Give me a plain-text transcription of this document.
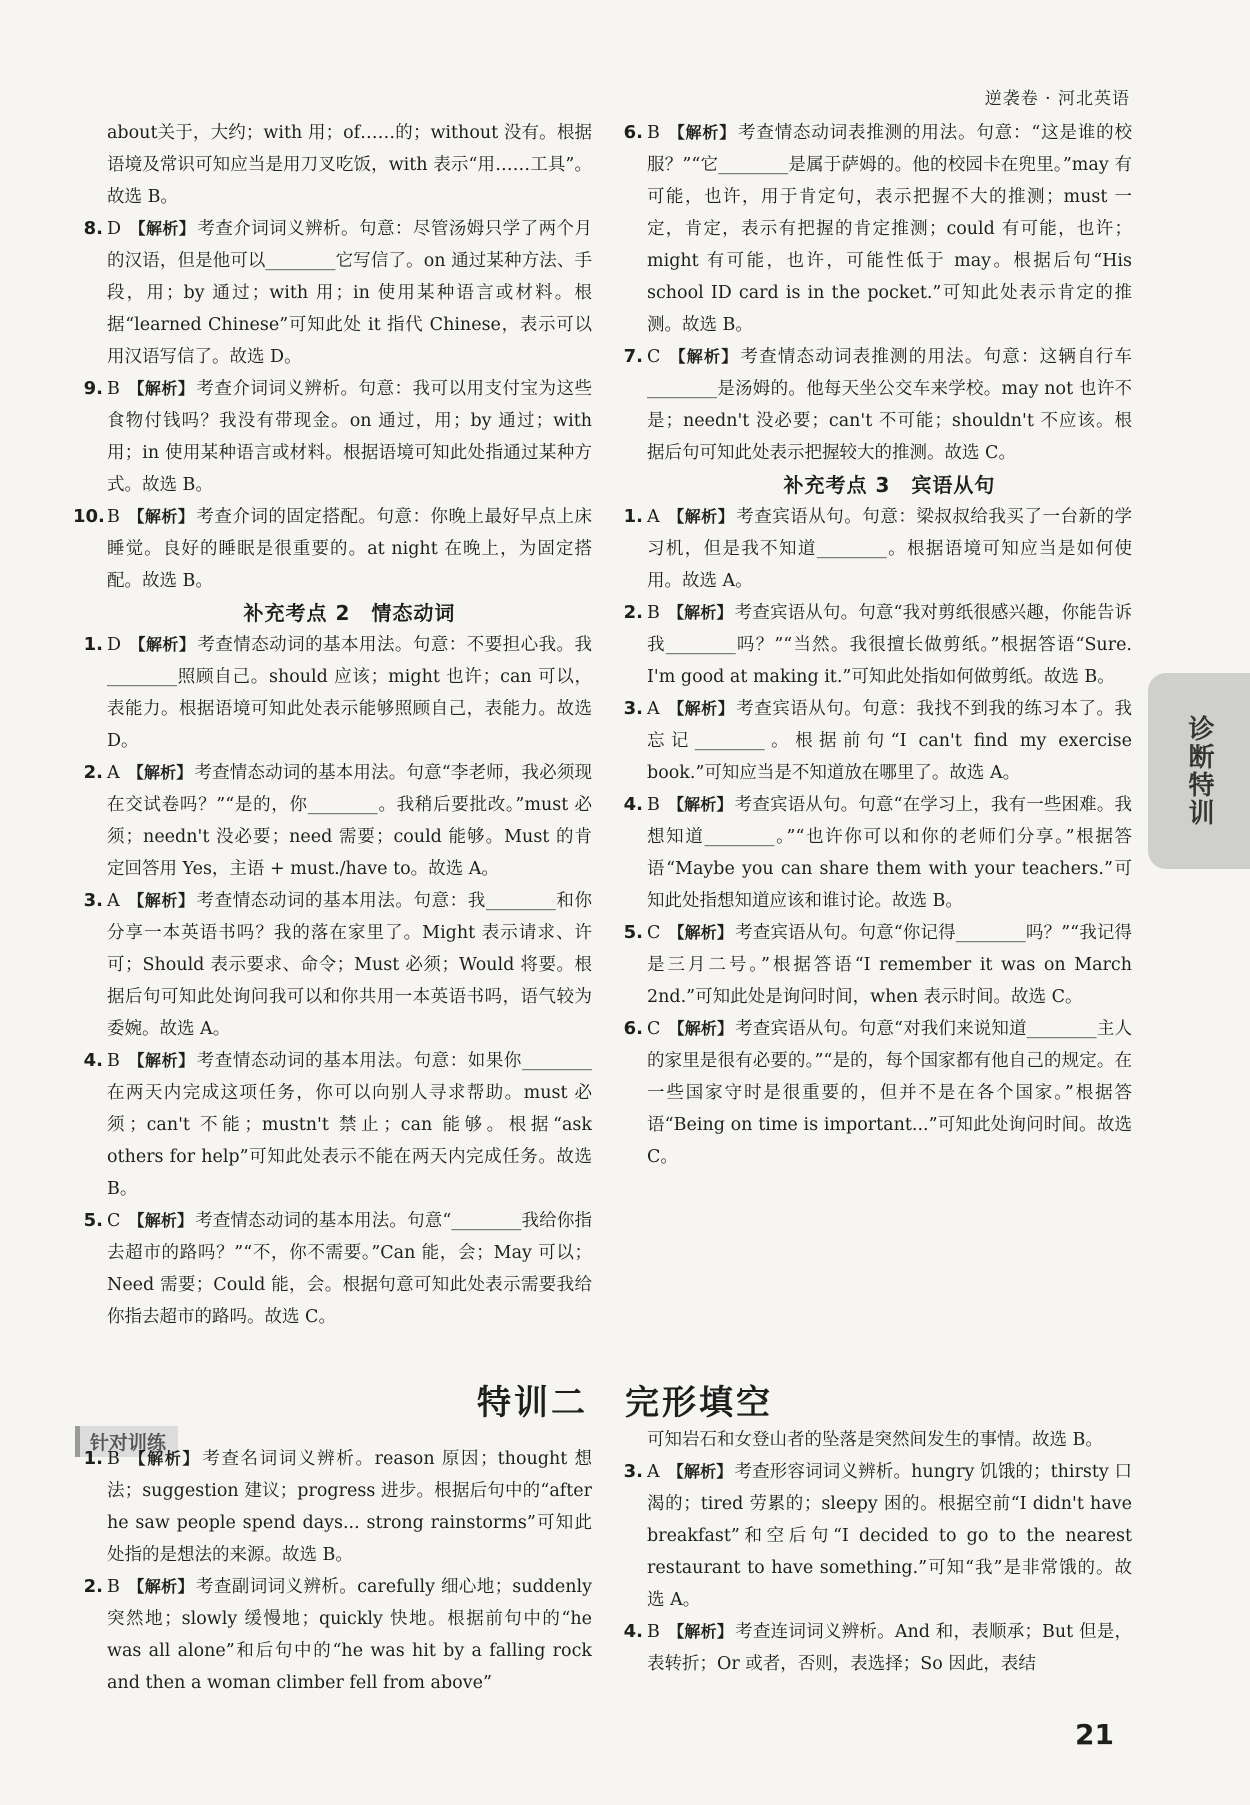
逆袭卷 · 河北英语

about关于，大约；with 用；of……的；without 没有。根据语境及常识可知应当是用刀叉吃饭，with 表示“用……工具”。故选 B。

8. D 【解析】 考查介词词义辨析。句意：尽管汤姆只学了两个月的汉语，但是他可以________它写信了。on 通过某种方法、手段，用；by 通过；with 用；in 使用某种语言或材料。根据“learned Chinese”可知此处 it 指代 Chinese，表示可以用汉语写信了。故选 D。
9. B 【解析】 考查介词词义辨析。句意：我可以用支付宝为这些食物付钱吗？我没有带现金。on 通过，用；by 通过；with 用；in 使用某种语言或材料。根据语境可知此处指通过某种方式。故选 B。
10. B 【解析】 考查介词的固定搭配。句意：你晚上最好早点上床睡觉。良好的睡眠是很重要的。at night 在晚上，为固定搭配。故选 B。

补充考点 2　情态动词

1. D 【解析】 考查情态动词的基本用法。句意：不要担心我。我________照顾自己。should 应该；might 也许；can 可以，表能力。根据语境可知此处表示能够照顾自己，表能力。故选 D。
2. A 【解析】 考查情态动词的基本用法。句意“李老师，我必须现在交试卷吗？”“是的，你________。我稍后要批改。”must 必须；needn't 没必要；need 需要；could 能够。Must 的肯定回答用 Yes，主语 + must./have to。故选 A。
3. A 【解析】 考查情态动词的基本用法。句意：我________和你分享一本英语书吗？我的落在家里了。Might 表示请求、许可；Should 表示要求、命令；Must 必须；Would 将要。根据后句可知此处询问我可以和你共用一本英语书吗，语气较为委婉。故选 A。
4. B 【解析】 考查情态动词的基本用法。句意：如果你________在两天内完成这项任务，你可以向别人寻求帮助。must 必须；can't 不能；mustn't 禁止；can 能够。根据“ask others for help”可知此处表示不能在两天内完成任务。故选 B。
5. C 【解析】 考查情态动词的基本用法。句意“________我给你指去超市的路吗？”“不，你不需要。”Can 能，会；May 可以；Need 需要；Could 能，会。根据句意可知此处表示需要我给你指去超市的路吗。故选 C。
6. B 【解析】 考查情态动词表推测的用法。句意：“这是谁的校服？”“它________是属于萨姆的。他的校园卡在兜里。”may 有可能，也许，用于肯定句，表示把握不大的推测；must 一定，肯定，表示有把握的肯定推测；could 有可能，也许；might 有可能，也许，可能性低于 may。根据后句“His school ID card is in the pocket.”可知此处表示肯定的推测。故选 B。
7. C 【解析】 考查情态动词表推测的用法。句意：这辆自行车________是汤姆的。他每天坐公交车来学校。may not 也许不是；needn't 没必要；can't 不可能；shouldn't 不应该。根据后句可知此处表示把握较大的推测。故选 C。

补充考点 3　宾语从句

1. A 【解析】 考查宾语从句。句意：梁叔叔给我买了一台新的学习机，但是我不知道________。根据语境可知应当是如何使用。故选 A。
2. B 【解析】 考查宾语从句。句意“我对剪纸很感兴趣，你能告诉我________吗？”“当然。我很擅长做剪纸。”根据答语“Sure. I'm good at making it.”可知此处指如何做剪纸。故选 B。
3. A 【解析】 考查宾语从句。句意：我找不到我的练习本了。我忘记________。根据前句“I can't find my exercise book.”可知应当是不知道放在哪里了。故选 A。
4. B 【解析】 考查宾语从句。句意“在学习上，我有一些困难。我想知道________。”“也许你可以和你的老师们分享。”根据答语“Maybe you can share them with your teachers.”可知此处指想知道应该和谁讨论。故选 B。
5. C 【解析】 考查宾语从句。句意“你记得________吗？”“我记得是三月二号。”根据答语“I remember it was on March 2nd.”可知此处是询问时间，when 表示时间。故选 C。
6. C 【解析】 考查宾语从句。句意“对我们来说知道________主人的家里是很有必要的。”“是的，每个国家都有他自己的规定。在一些国家守时是很重要的，但并不是在各个国家。”根据答语“Being on time is important...”可知此处询问时间。故选 C。
诊断特训
特训二　完形填空
针对训练
1. B 【解析】 考查名词词义辨析。reason 原因；thought 想法；suggestion 建议；progress 进步。根据后句中的“after he saw people spend days... strong rainstorms”可知此处指的是想法的来源。故选 B。
2. B 【解析】 考查副词词义辨析。carefully 细心地；suddenly 突然地；slowly 缓慢地；quickly 快地。根据前句中的“he was all alone”和后句中的“he was hit by a falling rock and then a woman climber fell from above”

可知岩石和女登山者的坠落是突然间发生的事情。故选 B。

3. A 【解析】 考查形容词词义辨析。hungry 饥饿的；thirsty 口渴的；tired 劳累的；sleepy 困的。根据空前“I didn't have breakfast”和空后句“I decided to go to the nearest restaurant to have something.”可知“我”是非常饿的。故选 A。
4. B 【解析】 考查连词词义辨析。And 和，表顺承；But 但是，表转折；Or 或者，否则，表选择；So 因此，表结
21
